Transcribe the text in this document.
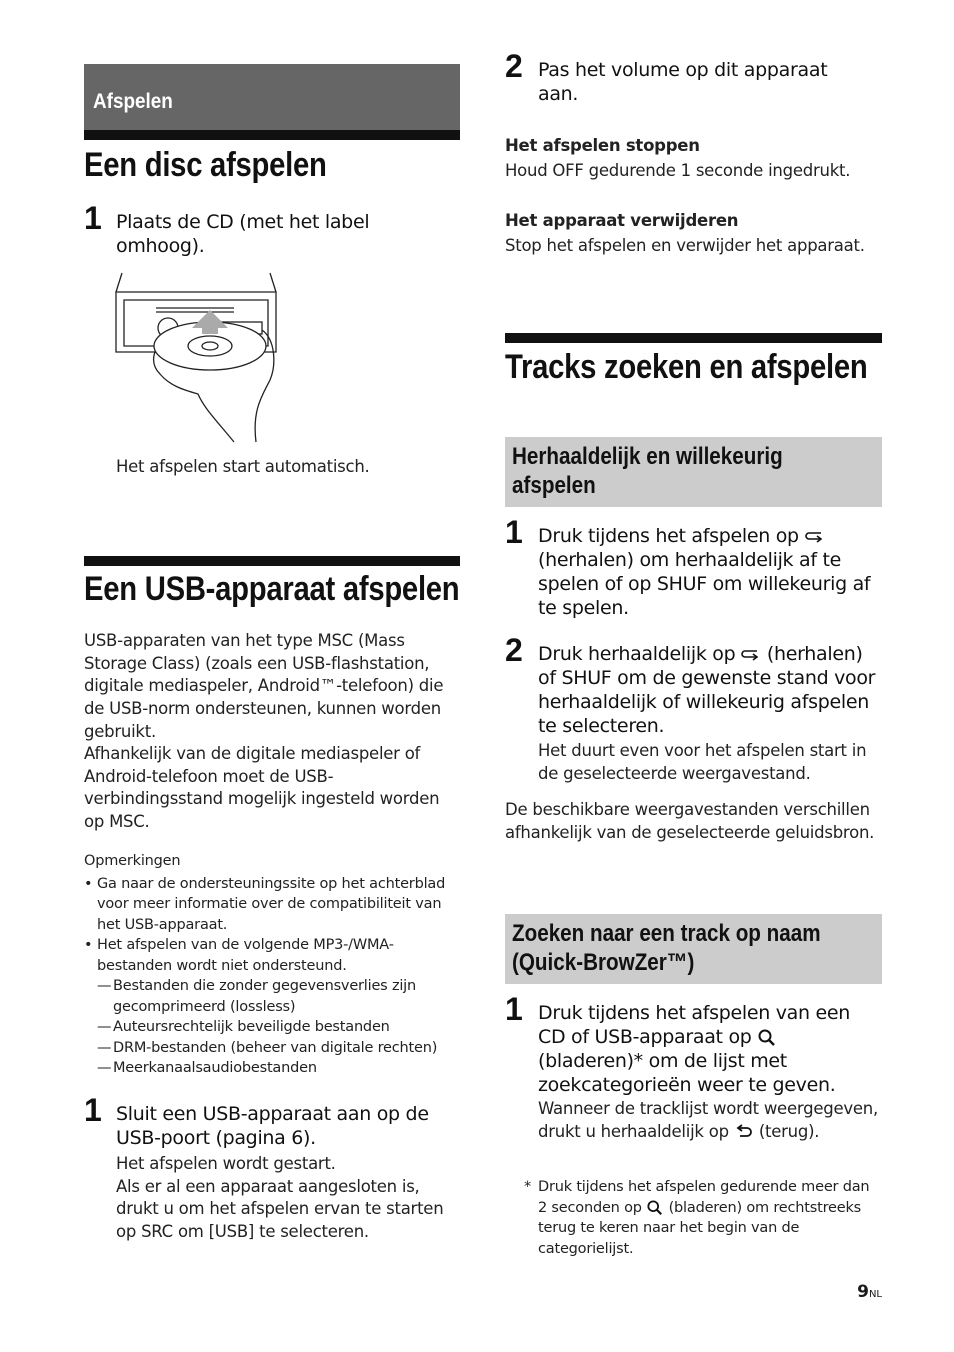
Afspelen
Een disc afspelen
1 Plaats de CD (met het label omhoog).
Het afspelen start automatisch.
Een USB-apparaat afspelen
USB-apparaten van het type MSC (Mass Storage Class) (zoals een USB-flashstation, digitale mediaspeler, Android™-telefoon) die de USB-norm ondersteunen, kunnen worden gebruikt.
Afhankelijk van de digitale mediaspeler of Android-telefoon moet de USB-verbindingsstand mogelijk ingesteld worden op MSC.
Opmerkingen
• Ga naar de ondersteuningssite op het achterblad voor meer informatie over de compatibiliteit van het USB-apparaat.
• Het afspelen van de volgende MP3-/WMA-bestanden wordt niet ondersteund.
— Bestanden die zonder gegevensverlies zijn gecomprimeerd (lossless)
— Auteursrechtelijk beveiligde bestanden
— DRM-bestanden (beheer van digitale rechten)
— Meerkanaalsaudiobestanden
1 Sluit een USB-apparaat aan op de USB-poort (pagina 6).
Het afspelen wordt gestart.
Als er al een apparaat aangesloten is, drukt u om het afspelen ervan te starten op SRC om [USB] te selecteren.
2 Pas het volume op dit apparaat aan.
Het afspelen stoppen
Houd OFF gedurende 1 seconde ingedrukt.
Het apparaat verwijderen
Stop het afspelen en verwijder het apparaat.
Tracks zoeken en afspelen
Herhaaldelijk en willekeurig afspelen
1 Druk tijdens het afspelen op  (herhalen) om herhaaldelijk af te spelen of op SHUF om willekeurig af te spelen.
2 Druk herhaaldelijk op (herhalen) of SHUF om de gewenste stand voor herhaaldelijk of willekeurig afspelen te selecteren.
Het duurt even voor het afspelen start in de geselecteerde weergavestand.
De beschikbare weergavestanden verschillen afhankelijk van de geselecteerde geluidsbron.
Zoeken naar een track op naam (Quick-BrowZer™)
1 Druk tijdens het afspelen van een CD of USB-apparaat op  (bladeren)* om de lijst met zoekcategorieën weer te geven.
Wanneer de tracklijst wordt weergegeven, drukt u herhaaldelijk op (terug).
* Druk tijdens het afspelen gedurende meer dan 2 seconden op (bladeren) om rechtstreeks terug te keren naar het begin van de categorielijst.
9NL
